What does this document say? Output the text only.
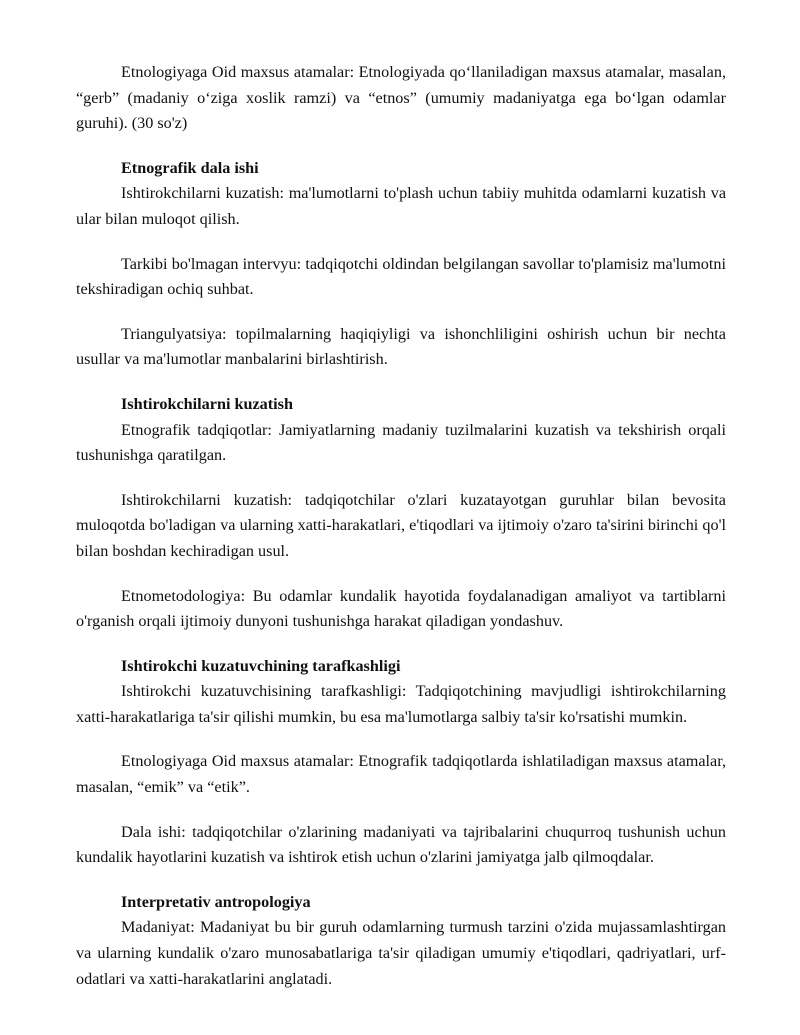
Etnologiyaga Oid maxsus atamalar: Etnologiyada qo‘llaniladigan maxsus atamalar, masalan, “gerb” (madaniy o‘ziga xoslik ramzi) va “etnos” (umumiy madaniyatga ega bo‘lgan odamlar guruhi). (30 so'z)

Etnografik dala ishi

Ishtirokchilarni kuzatish: ma'lumotlarni to'plash uchun tabiiy muhitda odamlarni kuzatish va ular bilan muloqot qilish.

Tarkibi bo'lmagan intervyu: tadqiqotchi oldindan belgilangan savollar to'plamisiz ma'lumotni tekshiradigan ochiq suhbat.

Triangulyatsiya: topilmalarning haqiqiyligi va ishonchliligini oshirish uchun bir nechta usullar va ma'lumotlar manbalarini birlashtirish.

Ishtirokchilarni kuzatish

Etnografik tadqiqotlar: Jamiyatlarning madaniy tuzilmalarini kuzatish va tekshirish orqali tushunishga qaratilgan.

Ishtirokchilarni kuzatish: tadqiqotchilar o'zlari kuzatayotgan guruhlar bilan bevosita muloqotda bo'ladigan va ularning xatti-harakatlari, e'tiqodlari va ijtimoiy o'zaro ta'sirini birinchi qo'l bilan boshdan kechiradigan usul.

Etnometodologiya: Bu odamlar kundalik hayotida foydalanadigan amaliyot va tartiblarni o'rganish orqali ijtimoiy dunyoni tushunishga harakat qiladigan yondashuv.

Ishtirokchi kuzatuvchining tarafkashligi

Ishtirokchi kuzatuvchisining tarafkashligi: Tadqiqotchining mavjudligi ishtirokchilarning xatti-harakatlariga ta'sir qilishi mumkin, bu esa ma'lumotlarga salbiy ta'sir ko'rsatishi mumkin.

Etnologiyaga Oid maxsus atamalar: Etnografik tadqiqotlarda ishlatiladigan maxsus atamalar, masalan, “emik” va “etik”.

Dala ishi: tadqiqotchilar o'zlarining madaniyati va tajribalarini chuqurroq tushunish uchun kundalik hayotlarini kuzatish va ishtirok etish uchun o'zlarini jamiyatga jalb qilmoqdalar.

Interpretativ antropologiya

Madaniyat: Madaniyat bu bir guruh odamlarning turmush tarzini o'zida mujassamlashtirgan va ularning kundalik o'zaro munosabatlariga ta'sir qiladigan umumiy e'tiqodlari, qadriyatlari, urf-odatlari va xatti-harakatlarini anglatadi.
